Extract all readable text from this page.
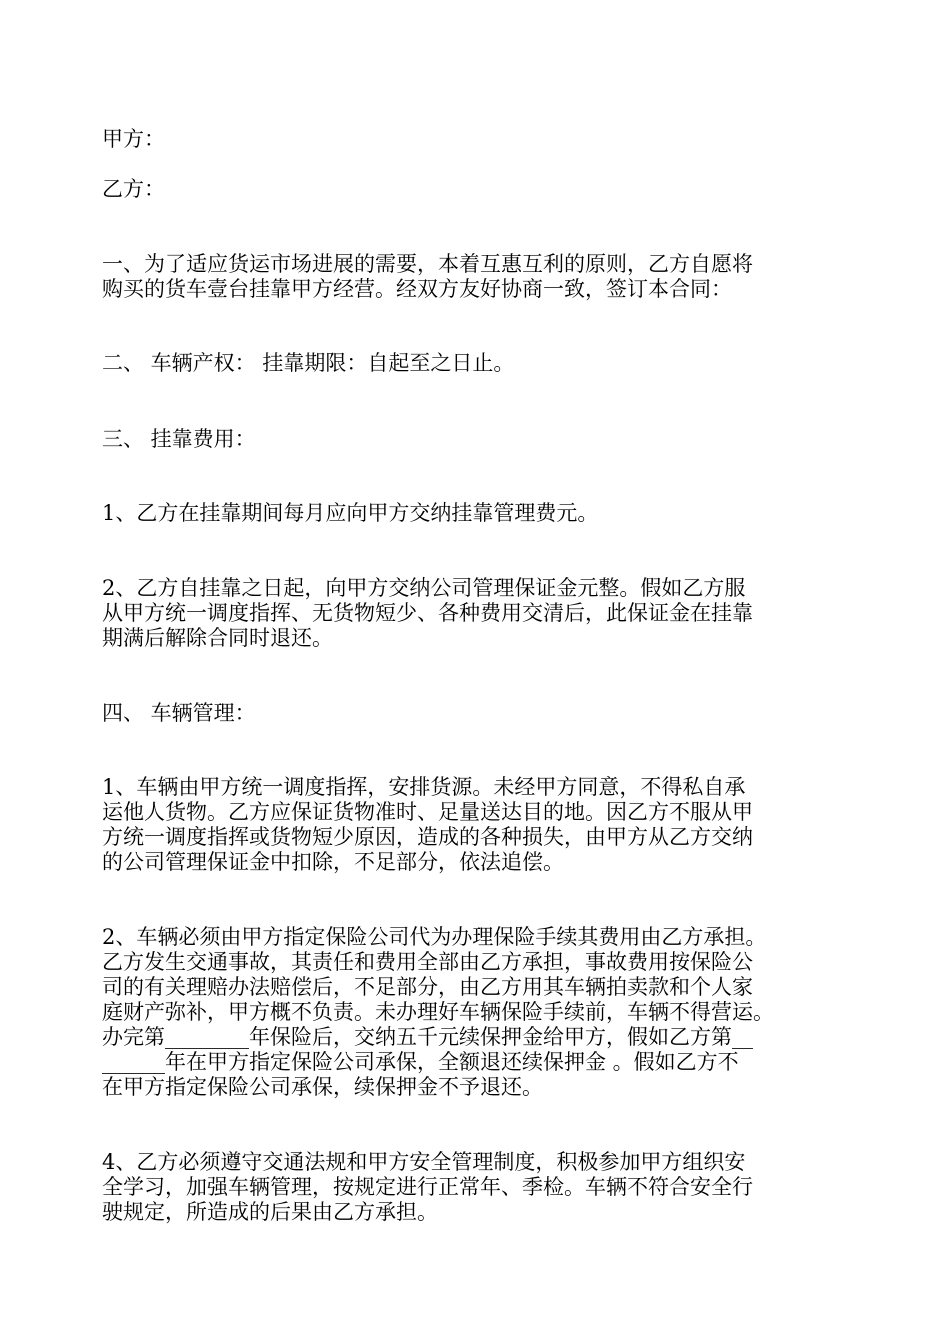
甲方：
乙方：
一、为了适应货运市场进展的需要，本着互惠互利的原则，乙方自愿将
购买的货车壹台挂靠甲方经营。经双方友好协商一致，签订本合同：
二、 车辆产权： 挂靠期限：自起至之日止。
三、 挂靠费用：
1、乙方在挂靠期间每月应向甲方交纳挂靠管理费元。
2、乙方自挂靠之日起，向甲方交纳公司管理保证金元整。假如乙方服
从甲方统一调度指挥、无货物短少、各种费用交清后，此保证金在挂靠
期满后解除合同时退还。
四、 车辆管理：
1、车辆由甲方统一调度指挥，安排货源。未经甲方同意，不得私自承
运他人货物。乙方应保证货物准时、足量送达目的地。因乙方不服从甲
方统一调度指挥或货物短少原因，造成的各种损失，由甲方从乙方交纳
的公司管理保证金中扣除，不足部分，依法追偿。
2、车辆必须由甲方指定保险公司代为办理保险手续其费用由乙方承担。
乙方发生交通事故，其责任和费用全部由乙方承担，事故费用按保险公
司的有关理赔办法赔偿后，不足部分，由乙方用其车辆拍卖款和个人家
庭财产弥补，甲方概不负责。未办理好车辆保险手续前，车辆不得营运。
办完第________年保险后，交纳五千元续保押金给甲方，假如乙方第__
______年在甲方指定保险公司承保，全额退还续保押金 。假如乙方不
在甲方指定保险公司承保，续保押金不予退还。
4、乙方必须遵守交通法规和甲方安全管理制度，积极参加甲方组织安
全学习，加强车辆管理，按规定进行正常年、季检。车辆不符合安全行
驶规定，所造成的后果由乙方承担。
